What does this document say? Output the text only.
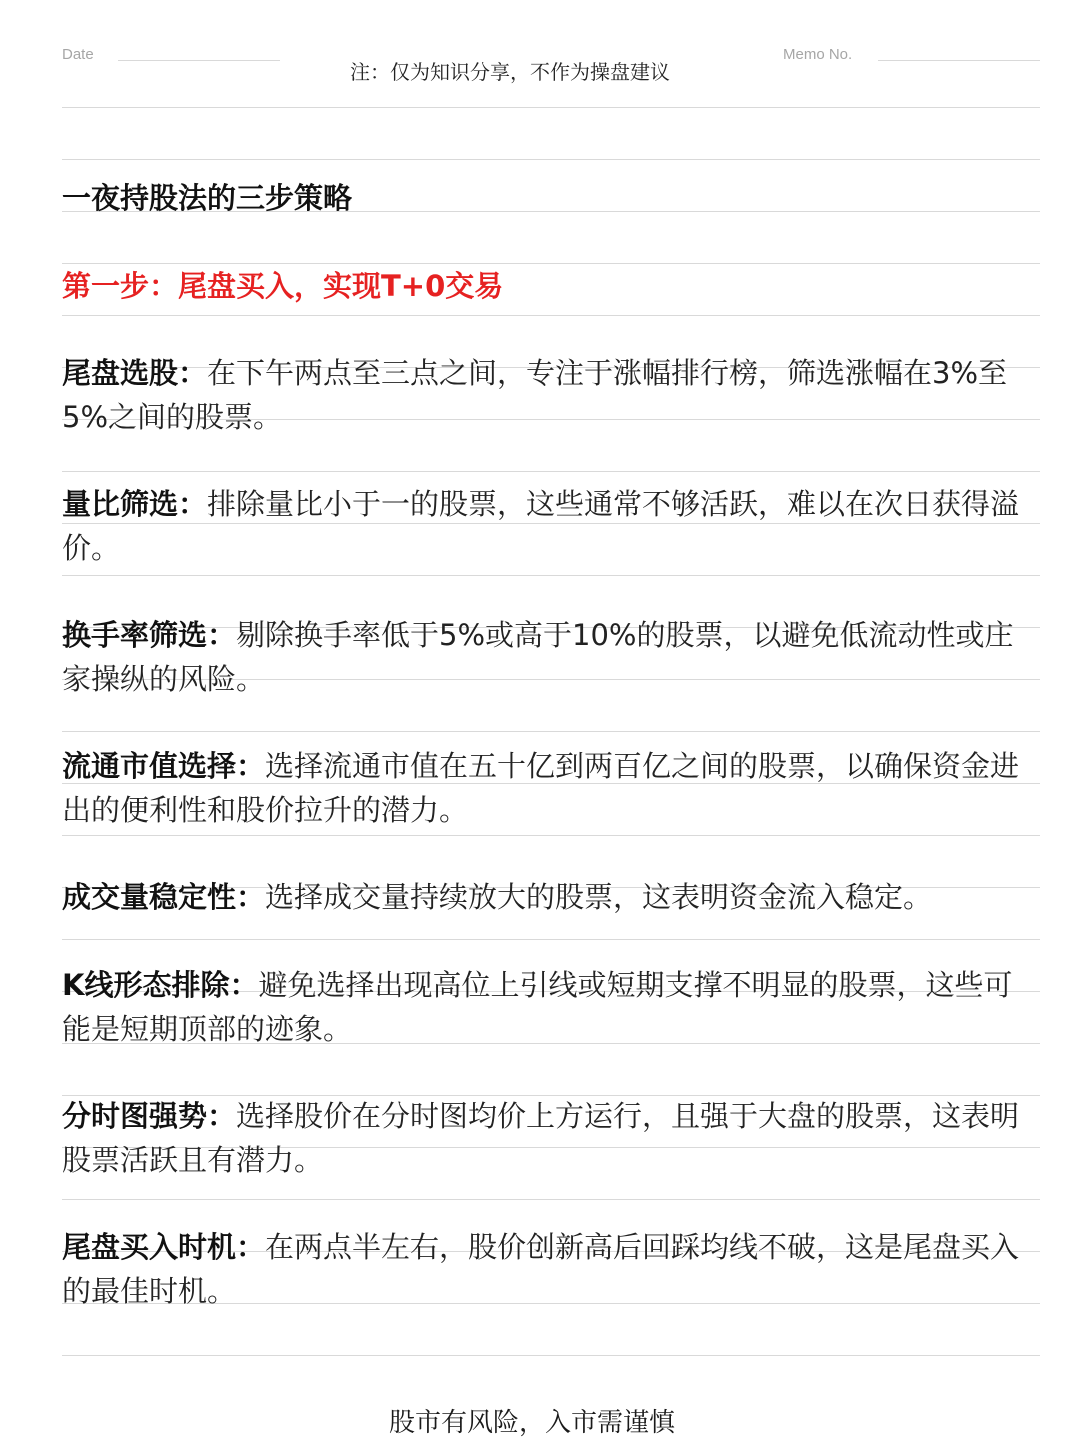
Date	Memo No.
注：仅为知识分享，不作为操盘建议
一夜持股法的三步策略
第一步：尾盘买入，实现T+0交易
尾盘选股：在下午两点至三点之间，专注于涨幅排行榜，筛选涨幅在3%至5%之间的股票。
量比筛选：排除量比小于一的股票，这些通常不够活跃，难以在次日获得溢价。
换手率筛选：剔除换手率低于5%或高于10%的股票，以避免低流动性或庄家操纵的风险。
流通市值选择：选择流通市值在五十亿到两百亿之间的股票，以确保资金进出的便利性和股价拉升的潜力。
成交量稳定性：选择成交量持续放大的股票，这表明资金流入稳定。
K线形态排除：避免选择出现高位上引线或短期支撑不明显的股票，这些可能是短期顶部的迹象。
分时图强势：选择股价在分时图均价上方运行，且强于大盘的股票，这表明股票活跃且有潜力。
尾盘买入时机：在两点半左右，股价创新高后回踩均线不破，这是尾盘买入的最佳时机。
股市有风险，入市需谨慎
